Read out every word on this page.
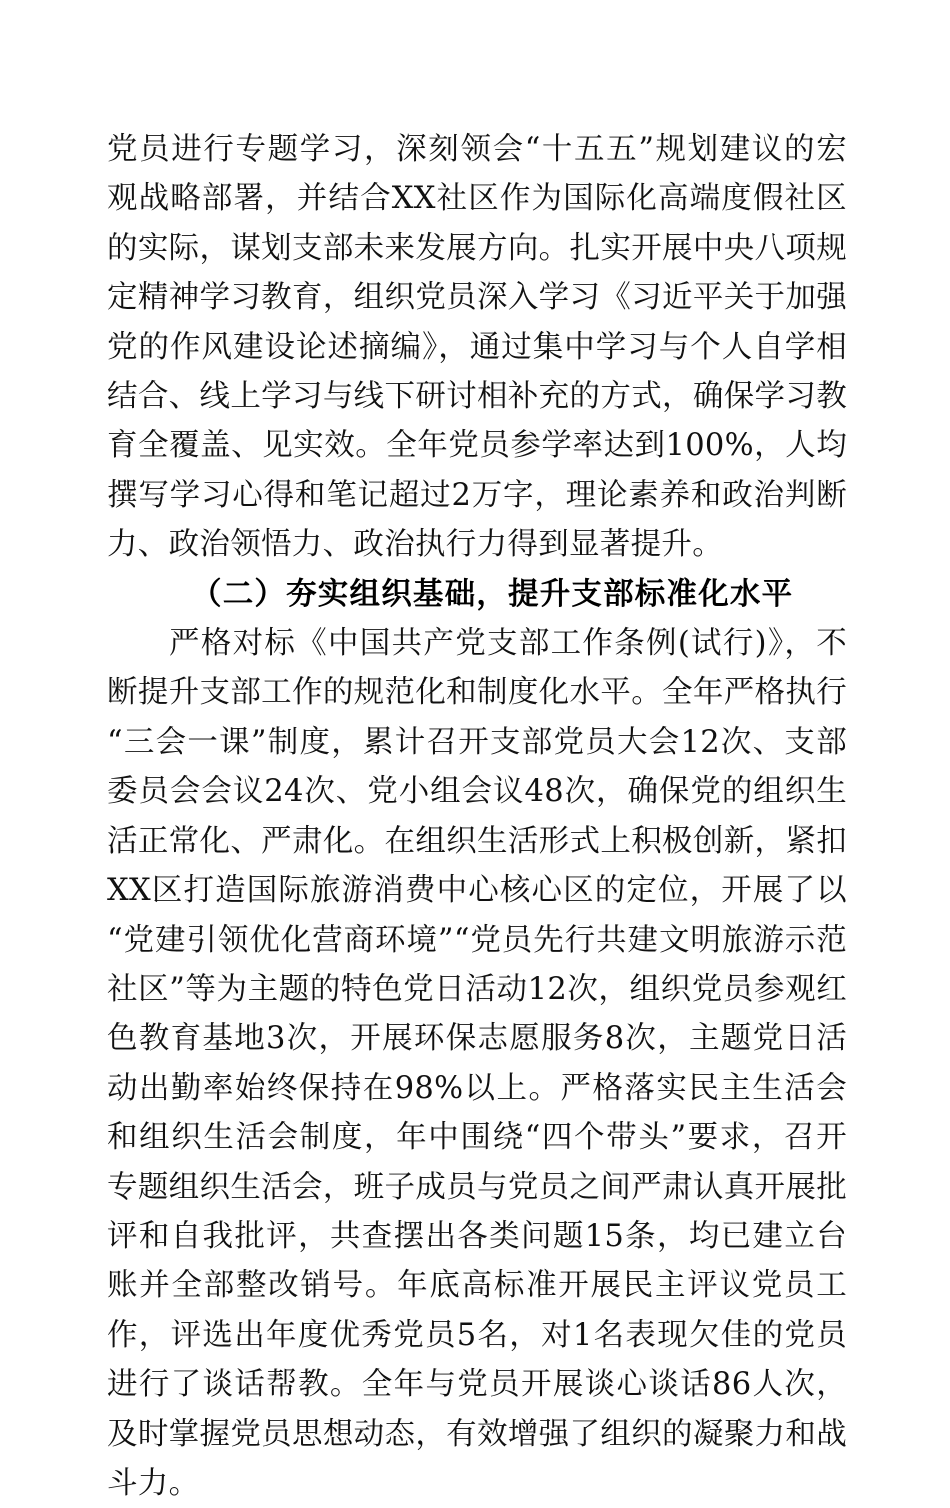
党员进行专题学习，深刻领会“十五五”规划建议的宏观战略部署，并结合XX社区作为国际化高端度假社区的实际，谋划支部未来发展方向。扎实开展中央八项规定精神学习教育，组织党员深入学习《习近平关于加强党的作风建设论述摘编》，通过集中学习与个人自学相结合、线上学习与线下研讨相补充的方式，确保学习教育全覆盖、见实效。全年党员参学率达到100%，人均撰写学习心得和笔记超过2万字，理论素养和政治判断力、政治领悟力、政治执行力得到显著提升。

（二）夯实组织基础，提升支部标准化水平

严格对标《中国共产党支部工作条例(试行)》，不断提升支部工作的规范化和制度化水平。全年严格执行“三会一课”制度，累计召开支部党员大会12次、支部委员会会议24次、党小组会议48次，确保党的组织生活正常化、严肃化。在组织生活形式上积极创新，紧扣XX区打造国际旅游消费中心核心区的定位，开展了以“党建引领优化营商环境”“党员先行共建文明旅游示范社区”等为主题的特色党日活动12次，组织党员参观红色教育基地3次，开展环保志愿服务8次，主题党日活动出勤率始终保持在98%以上。严格落实民主生活会和组织生活会制度，年中围绕“四个带头”要求，召开专题组织生活会，班子成员与党员之间严肃认真开展批评和自我批评，共查摆出各类问题15条，均已建立台账并全部整改销号。年底高标准开展民主评议党员工作，评选出年度优秀党员5名，对1名表现欠佳的党员进行了谈话帮教。全年与党员开展谈心谈话86人次，及时掌握党员思想动态，有效增强了组织的凝聚力和战斗力。
